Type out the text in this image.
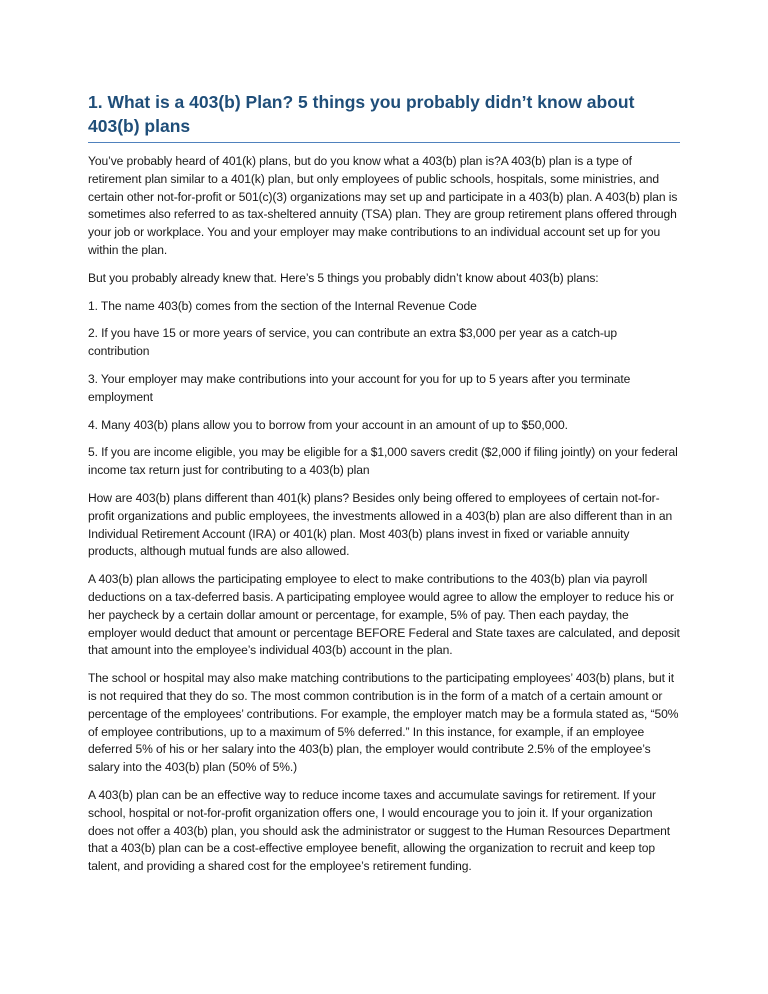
1. What is a 403(b) Plan? 5 things you probably didn’t know about 403(b) plans

You’ve probably heard of 401(k) plans, but do you know what a 403(b) plan is?A 403(b) plan is a type of retirement plan similar to a 401(k) plan, but only employees of public schools, hospitals, some ministries, and certain other not-for-profit or 501(c)(3) organizations may set up and participate in a 403(b) plan. A 403(b) plan is sometimes also referred to as tax-sheltered annuity (TSA) plan. They are group retirement plans offered through your job or workplace. You and your employer may make contributions to an individual account set up for you within the plan.

But you probably already knew that. Here’s 5 things you probably didn’t know about 403(b) plans:

1. The name 403(b) comes from the section of the Internal Revenue Code

2. If you have 15 or more years of service, you can contribute an extra $3,000 per year as a catch-up contribution

3. Your employer may make contributions into your account for you for up to 5 years after you terminate employment

4. Many 403(b) plans allow you to borrow from your account in an amount of up to $50,000.

5. If you are income eligible, you may be eligible for a $1,000 savers credit ($2,000 if filing jointly) on your federal income tax return just for contributing to a 403(b) plan

How are 403(b) plans different than 401(k) plans? Besides only being offered to employees of certain not-for-profit organizations and public employees, the investments allowed in a 403(b) plan are also different than in an Individual Retirement Account (IRA) or 401(k) plan. Most 403(b) plans invest in fixed or variable annuity products, although mutual funds are also allowed.

A 403(b) plan allows the participating employee to elect to make contributions to the 403(b) plan via payroll deductions on a tax-deferred basis. A participating employee would agree to allow the employer to reduce his or her paycheck by a certain dollar amount or percentage, for example, 5% of pay. Then each payday, the employer would deduct that amount or percentage BEFORE Federal and State taxes are calculated, and deposit that amount into the employee’s individual 403(b) account in the plan.

The school or hospital may also make matching contributions to the participating employees’ 403(b) plans, but it is not required that they do so. The most common contribution is in the form of a match of a certain amount or percentage of the employees’ contributions. For example, the employer match may be a formula stated as, “50% of employee contributions, up to a maximum of 5% deferred.” In this instance, for example, if an employee deferred 5% of his or her salary into the 403(b) plan, the employer would contribute 2.5% of the employee’s salary into the 403(b) plan (50% of 5%.)

A 403(b) plan can be an effective way to reduce income taxes and accumulate savings for retirement. If your school, hospital or not-for-profit organization offers one, I would encourage you to join it. If your organization does not offer a 403(b) plan, you should ask the administrator or suggest to the Human Resources Department that a 403(b) plan can be a cost-effective employee benefit, allowing the organization to recruit and keep top talent, and providing a shared cost for the employee’s retirement funding.
